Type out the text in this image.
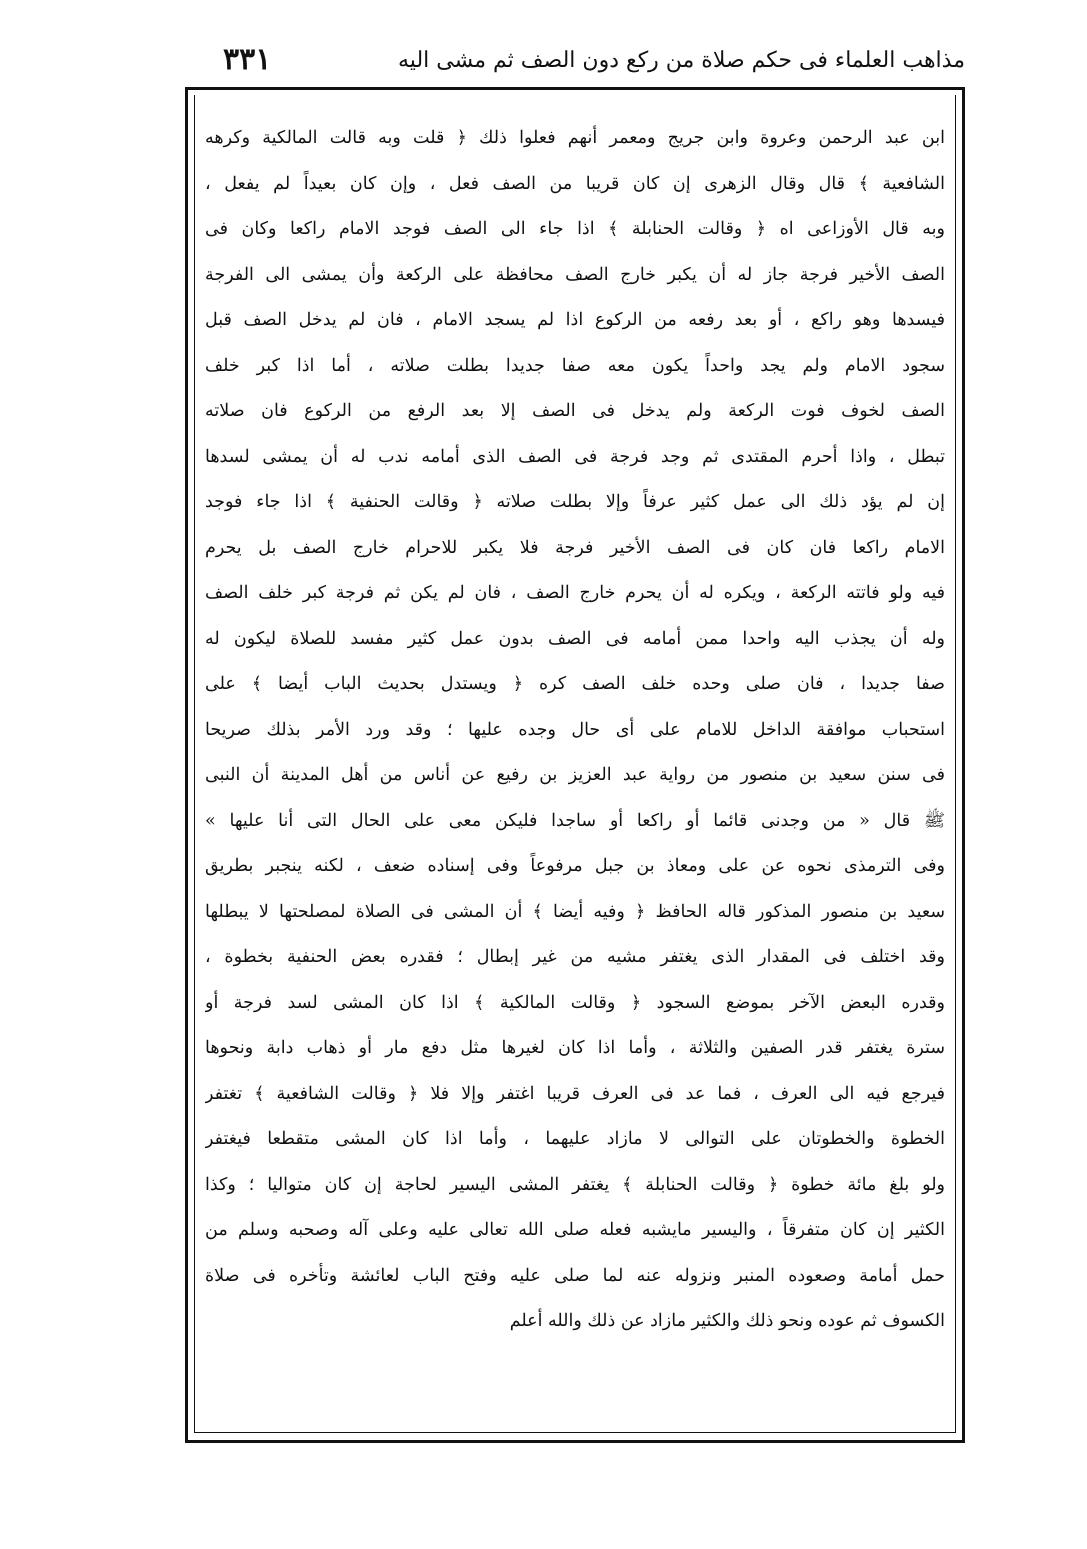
مذاهب العلماء فى حكم صلاة من ركع دون الصف ثم مشى اليه
٣٣١
ابن عبد الرحمن وعروة وابن جريج ومعمر أنهم فعلوا ذلك ﴿ قلت وبه قالت المالكية وكرهه
الشافعية ﴾ قال وقال الزهرى إن كان قريبا من الصف فعل ، وإن كان بعيداً لم يفعل ،
وبه قال الأوزاعى اه ﴿ وقالت الحنابلة ﴾ اذا جاء الى الصف فوجد الامام راكعا وكان فى
الصف الأخير فرجة جاز له أن يكبر خارج الصف محافظة على الركعة وأن يمشى الى الفرجة
فيسدها وهو راكع ، أو بعد رفعه من الركوع اذا لم يسجد الامام ، فان لم يدخل الصف قبل
سجود الامام ولم يجد واحداً يكون معه صفا جديدا بطلت صلاته ، أما اذا كبر خلف
الصف لخوف فوت الركعة ولم يدخل فى الصف إلا بعد الرفع من الركوع فان صلاته
تبطل ، واذا أحرم المقتدى ثم وجد فرجة فى الصف الذى أمامه ندب له أن يمشى لسدها
إن لم يؤد ذلك الى عمل كثير عرفاً وإلا بطلت صلاته ﴿ وقالت الحنفية ﴾ اذا جاء فوجد
الامام راكعا فان كان فى الصف الأخير فرجة فلا يكبر للاحرام خارج الصف بل يحرم
فيه ولو فاتته الركعة ، ويكره له أن يحرم خارج الصف ، فان لم يكن ثم فرجة كبر خلف الصف
وله أن يجذب اليه واحدا ممن أمامه فى الصف بدون عمل كثير مفسد للصلاة ليكون له
صفا جديدا ، فان صلى وحده خلف الصف كره ﴿ ويستدل بحديث الباب أيضا ﴾ على
استحباب موافقة الداخل للامام على أى حال وجده عليها ؛ وقد ورد الأمر بذلك صريحا
فى سنن سعيد بن منصور من رواية عبد العزيز بن رفيع عن أناس من أهل المدينة أن النبى
ﷺ قال « من وجدنى قائما أو راكعا أو ساجدا فليكن معى على الحال التى أنا عليها »
وفى الترمذى نحوه عن على ومعاذ بن جبل مرفوعاً وفى إسناده ضعف ، لكنه ينجبر بطريق
سعيد بن منصور المذكور قاله الحافظ ﴿ وفيه أيضا ﴾ أن المشى فى الصلاة لمصلحتها لا يبطلها
وقد اختلف فى المقدار الذى يغتفر مشيه من غير إبطال ؛ فقدره بعض الحنفية بخطوة ،
وقدره البعض الآخر بموضع السجود ﴿ وقالت المالكية ﴾ اذا كان المشى لسد فرجة أو
سترة يغتفر قدر الصفين والثلاثة ، وأما اذا كان لغيرها مثل دفع مار أو ذهاب دابة ونحوها
فيرجع فيه الى العرف ، فما عد فى العرف قريبا اغتفر وإلا فلا ﴿ وقالت الشافعية ﴾ تغتفر
الخطوة والخطوتان على التوالى لا مازاد عليهما ، وأما اذا كان المشى متقطعا فيغتفر
ولو بلغ مائة خطوة ﴿ وقالت الحنابلة ﴾ يغتفر المشى اليسير لحاجة إن كان متواليا ؛ وكذا
الكثير إن كان متفرقاً ، واليسير مايشبه فعله صلى الله تعالى عليه وعلى آله وصحبه وسلم من
حمل أمامة وصعوده المنبر ونزوله عنه لما صلى عليه وفتح الباب لعائشة وتأخره فى صلاة
الكسوف ثم عوده ونحو ذلك والكثير مازاد عن ذلك والله أعلم
